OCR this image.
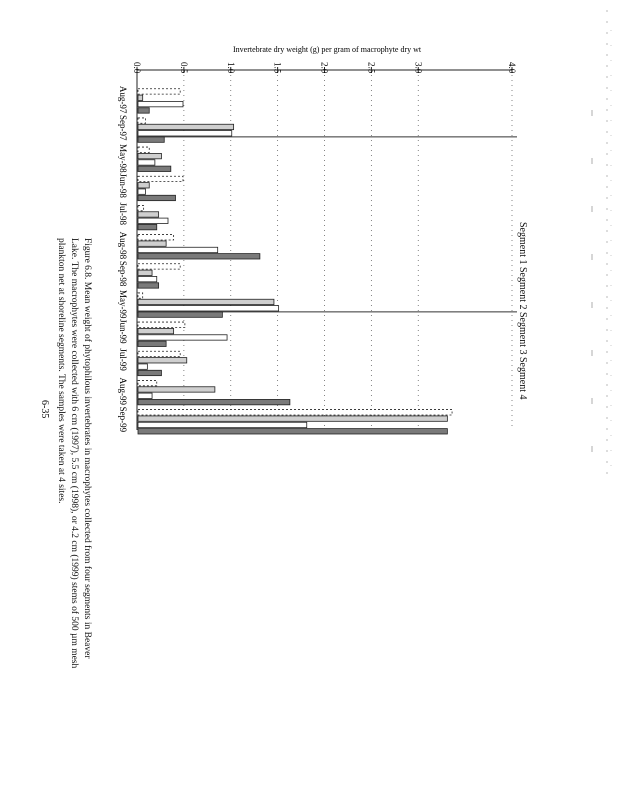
0.0	0.5	1.0	1.5	2.0	2.5	3.0	4.0
Invertebrate dry weight (g) per gram of macrophyte dry wt
Aug-97
Sep-97
May-98
Jun-98
Jul-98
Aug-98
Sep-98
May-99
Jun-99
Jul-99
Aug-99
Sep-99
Segment 1 Segment 2 Segment 3 Segment 4
Figure 6.8. Mean weight of phytophilous invertebrates in macrophytes collected from four segments in Beaver
Lake. The macrophytes were collected with 6 cm (1997), 5.5 cm (1998), or 4.2 cm (1999) stems of 500 µm mesh
plankton net at shoreline segments. The samples were taken at 4 sites.
6-35
